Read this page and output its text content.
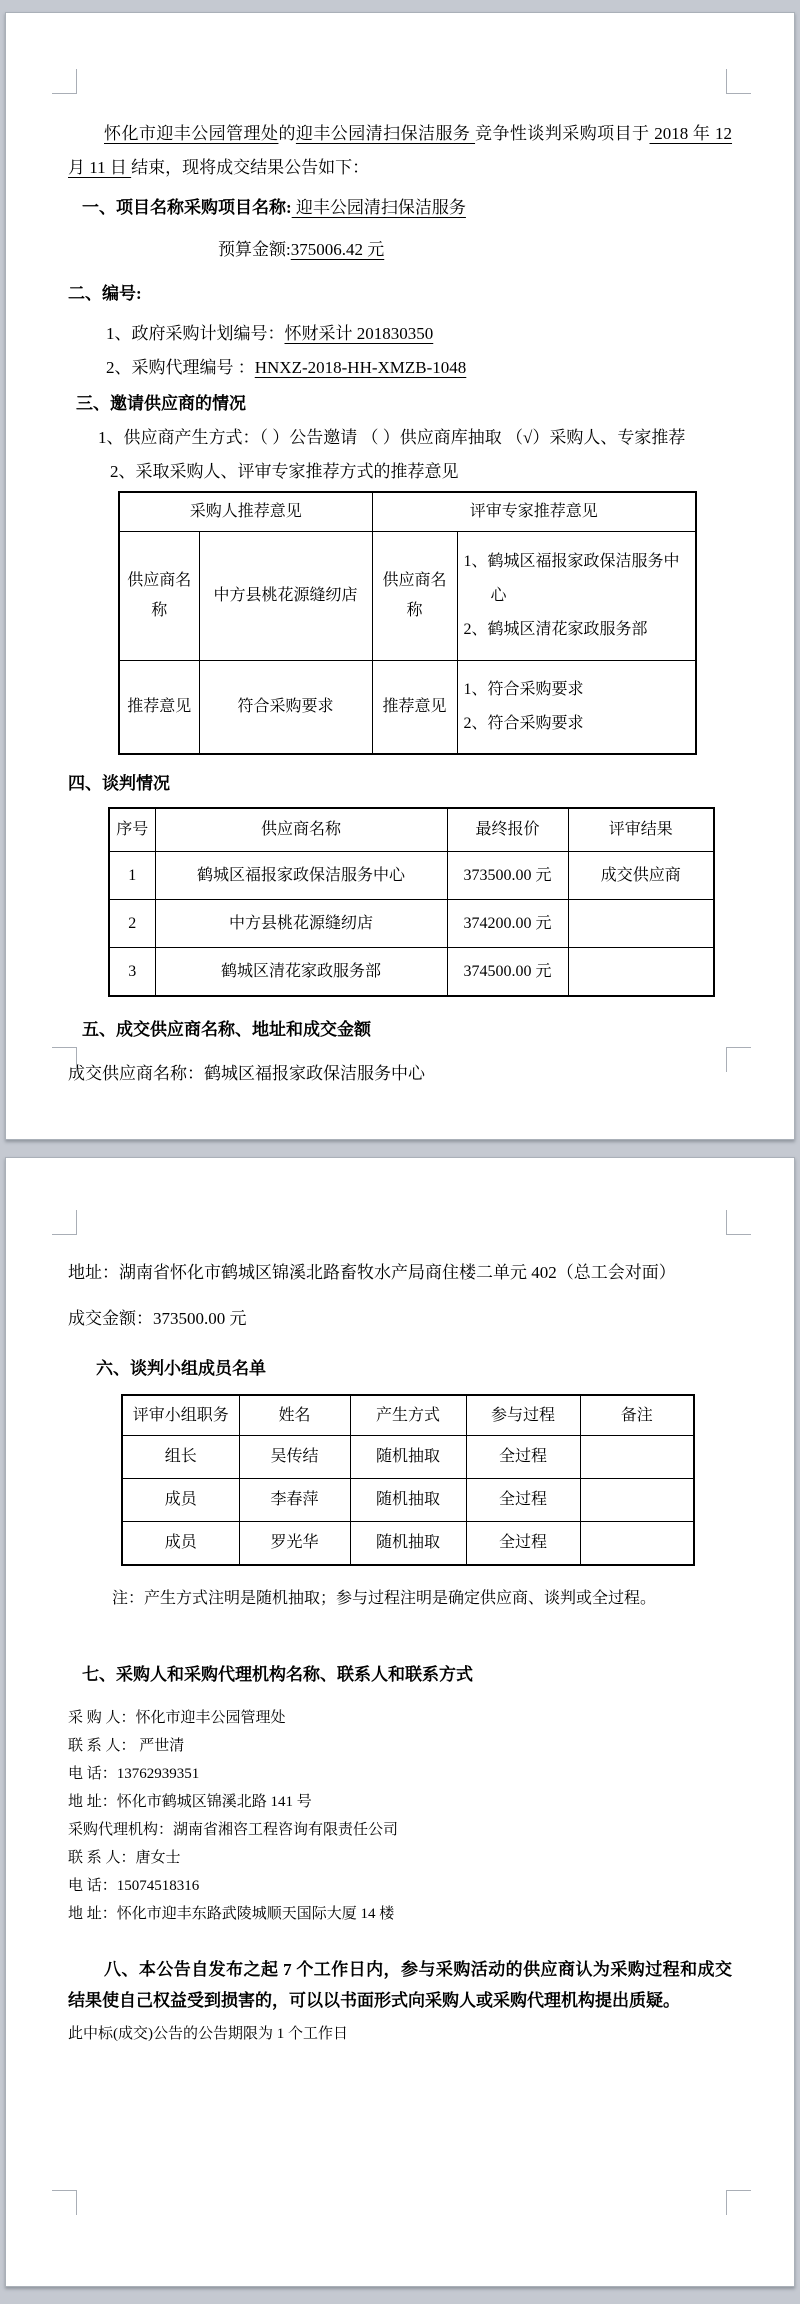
怀化市迎丰公园管理处的迎丰公园清扫保洁服务 竞争性谈判采购项目于 2018 年 12 月 11 日 结束，现将成交结果公告如下：

一、项目名称采购项目名称: 迎丰公园清扫保洁服务

预算金额:375006.42 元

二、编号:

1、政府采购计划编号：怀财采计 201830350

2、采购代理编号 ：HNXZ-2018-HH-XMZB-1048

三、邀请供应商的情况

1、供应商产生方式：（ ）公告邀请 （ ）供应商库抽取 （√）采购人、专家推荐

2、采取采购人、评审专家推荐方式的推荐意见

采购人推荐意见		评审专家推荐意见	
供应商名称	中方县桃花源缝纫店	供应商名称	1、鹤城区福报家政保洁服务中心
2、鹤城区清花家政服务部

推荐意见	符合采购要求	推荐意见	1、符合采购要求
2、符合采购要求

四、谈判情况

序号	供应商名称	最终报价	评审结果
1	鹤城区福报家政保洁服务中心	373500.00 元	成交供应商
2	中方县桃花源缝纫店	374200.00 元	
3	鹤城区清花家政服务部	374500.00 元	

五、成交供应商名称、地址和成交金额

成交供应商名称：鹤城区福报家政保洁服务中心

地址：湖南省怀化市鹤城区锦溪北路畜牧水产局商住楼二单元 402（总工会对面）

成交金额：373500.00 元

六、谈判小组成员名单

评审小组职务	姓名	产生方式	参与过程	备注
组长	吴传结	随机抽取	全过程	
成员	李春萍	随机抽取	全过程	
成员	罗光华	随机抽取	全过程	

注：产生方式注明是随机抽取；参与过程注明是确定供应商、谈判或全过程。

七、采购人和采购代理机构名称、联系人和联系方式

采 购 人：怀化市迎丰公园管理处

联 系 人： 严世清

电 话：13762939351

地 址：怀化市鹤城区锦溪北路 141 号

采购代理机构：湖南省湘咨工程咨询有限责任公司

联 系 人：唐女士

电 话：15074518316

地 址：怀化市迎丰东路武陵城顺天国际大厦 14 楼

八、本公告自发布之起 7 个工作日内，参与采购活动的供应商认为采购过程和成交结果使自己权益受到损害的，可以以书面形式向采购人或采购代理机构提出质疑。

此中标(成交)公告的公告期限为 1 个工作日
